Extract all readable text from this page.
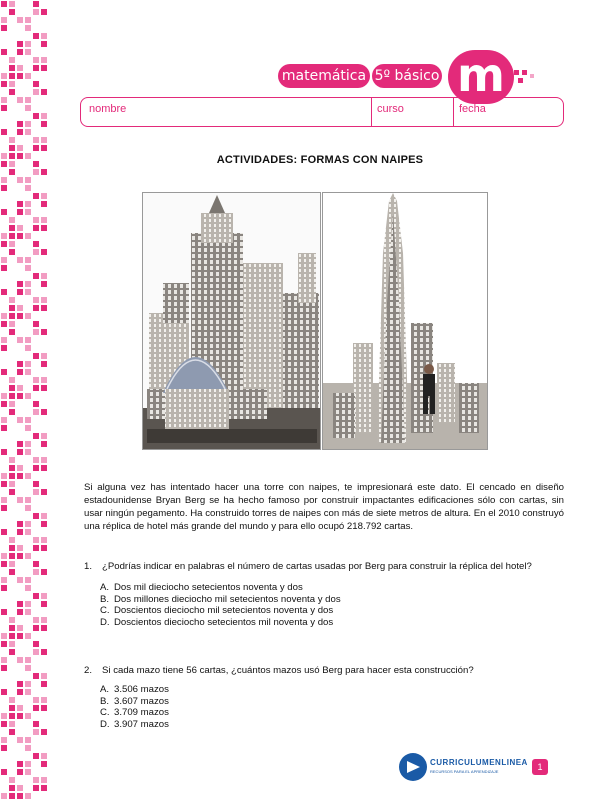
matemática 5º básico m
nombre	curso	fecha
ACTIVIDADES: FORMAS CON NAIPES

Si alguna vez has intentado hacer una torre con naipes, te impresionará este dato. El cencado en diseño estadounidense Bryan Berg se ha hecho famoso por construir impactantes edificaciones sólo con cartas, sin usar ningún pegamento. Ha construido torres de naipes con más de siete metros de altura. En el 2010 construyó una réplica de hotel más grande del mundo y para ello ocupó 218.792 cartas.

1. ¿Podrías indicar en palabras el número de cartas usadas por Berg para construir la réplica del hotel?
A. Dos mil dieciocho setecientos noventa y dos
B. Dos millones dieciocho mil setecientos noventa y dos
C. Doscientos dieciocho mil setecientos noventa y dos
D. Doscientos dieciocho setecientos mil noventa y dos
2. Si cada mazo tiene 56 cartas, ¿cuántos mazos usó Berg para hacer esta construcción?
A. 3.506 mazos
B. 3.607 mazos
C. 3.709 mazos
D. 3.907 mazos
CURRICULUMENLINEA
RECURSOS PARA EL APRENDIZAJE	1
